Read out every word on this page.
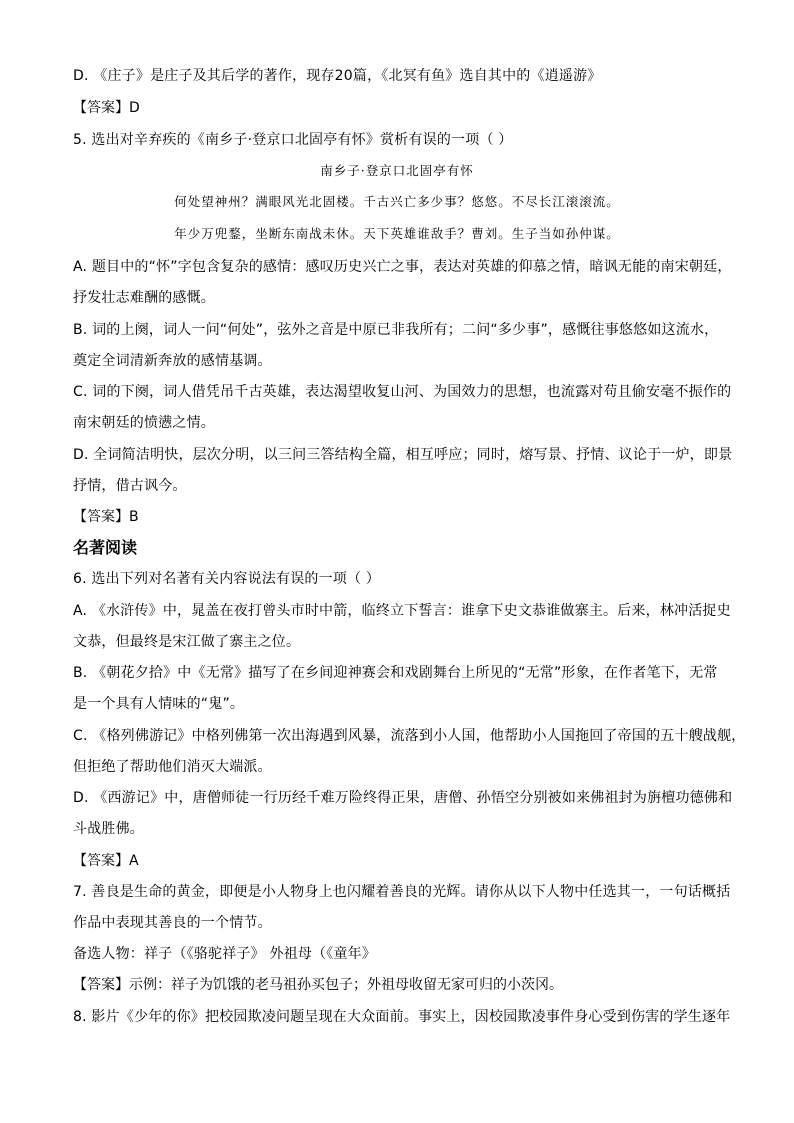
D. 《庄子》是庄子及其后学的著作，现存20篇，《北冥有鱼》选自其中的《逍遥游》
【答案】D
5. 选出对辛弃疾的《南乡子·登京口北固亭有怀》赏析有误的一项（ ）
南乡子·登京口北固亭有怀
何处望神州？满眼风光北固楼。千古兴亡多少事？悠悠。不尽长江滚滚流。
年少万兜鍪，坐断东南战未休。天下英雄谁敌手？曹刘。生子当如孙仲谋。
A. 题目中的“怀”字包含复杂的感情：感叹历史兴亡之事，表达对英雄的仰慕之情，暗讽无能的南宋朝廷，
抒发壮志难酬的感慨。
B. 词的上阕，词人一问“何处”，弦外之音是中原已非我所有；二问“多少事”，感慨往事悠悠如这流水，
奠定全词清新奔放的感情基调。
C. 词的下阕，词人借凭吊千古英雄，表达渴望收复山河、为国效力的思想，也流露对苟且偷安毫不振作的
南宋朝廷的愤懑之情。
D. 全词简洁明快，层次分明，以三问三答结构全篇，相互呼应；同时，熔写景、抒情、议论于一炉，即景
抒情，借古讽今。
【答案】B
名著阅读
6. 选出下列对名著有关内容说法有误的一项（ ）
A. 《水浒传》中，晁盖在夜打曾头市时中箭，临终立下誓言：谁拿下史文恭谁做寨主。后来，林冲活捉史
文恭，但最终是宋江做了寨主之位。
B. 《朝花夕拾》中《无常》描写了在乡间迎神赛会和戏剧舞台上所见的“无常”形象，在作者笔下，无常
是一个具有人情味的“鬼”。
C. 《格列佛游记》中格列佛第一次出海遇到风暴，流落到小人国，他帮助小人国拖回了帝国的五十艘战舰，
但拒绝了帮助他们消灭大端派。
D. 《西游记》中，唐僧师徒一行历经千难万险终得正果，唐僧、孙悟空分别被如来佛祖封为旃檀功德佛和
斗战胜佛。
【答案】A
7. 善良是生命的黄金，即便是小人物身上也闪耀着善良的光辉。请你从以下人物中任选其一，一句话概括
作品中表现其善良的一个情节。
备选人物：祥子（《骆驼祥子》 外祖母（《童年》
【答案】示例：祥子为饥饿的老马祖孙买包子；外祖母收留无家可归的小茨冈。
8. 影片《少年的你》把校园欺凌问题呈现在大众面前。事实上，因校园欺凌事件身心受到伤害的学生逐年
